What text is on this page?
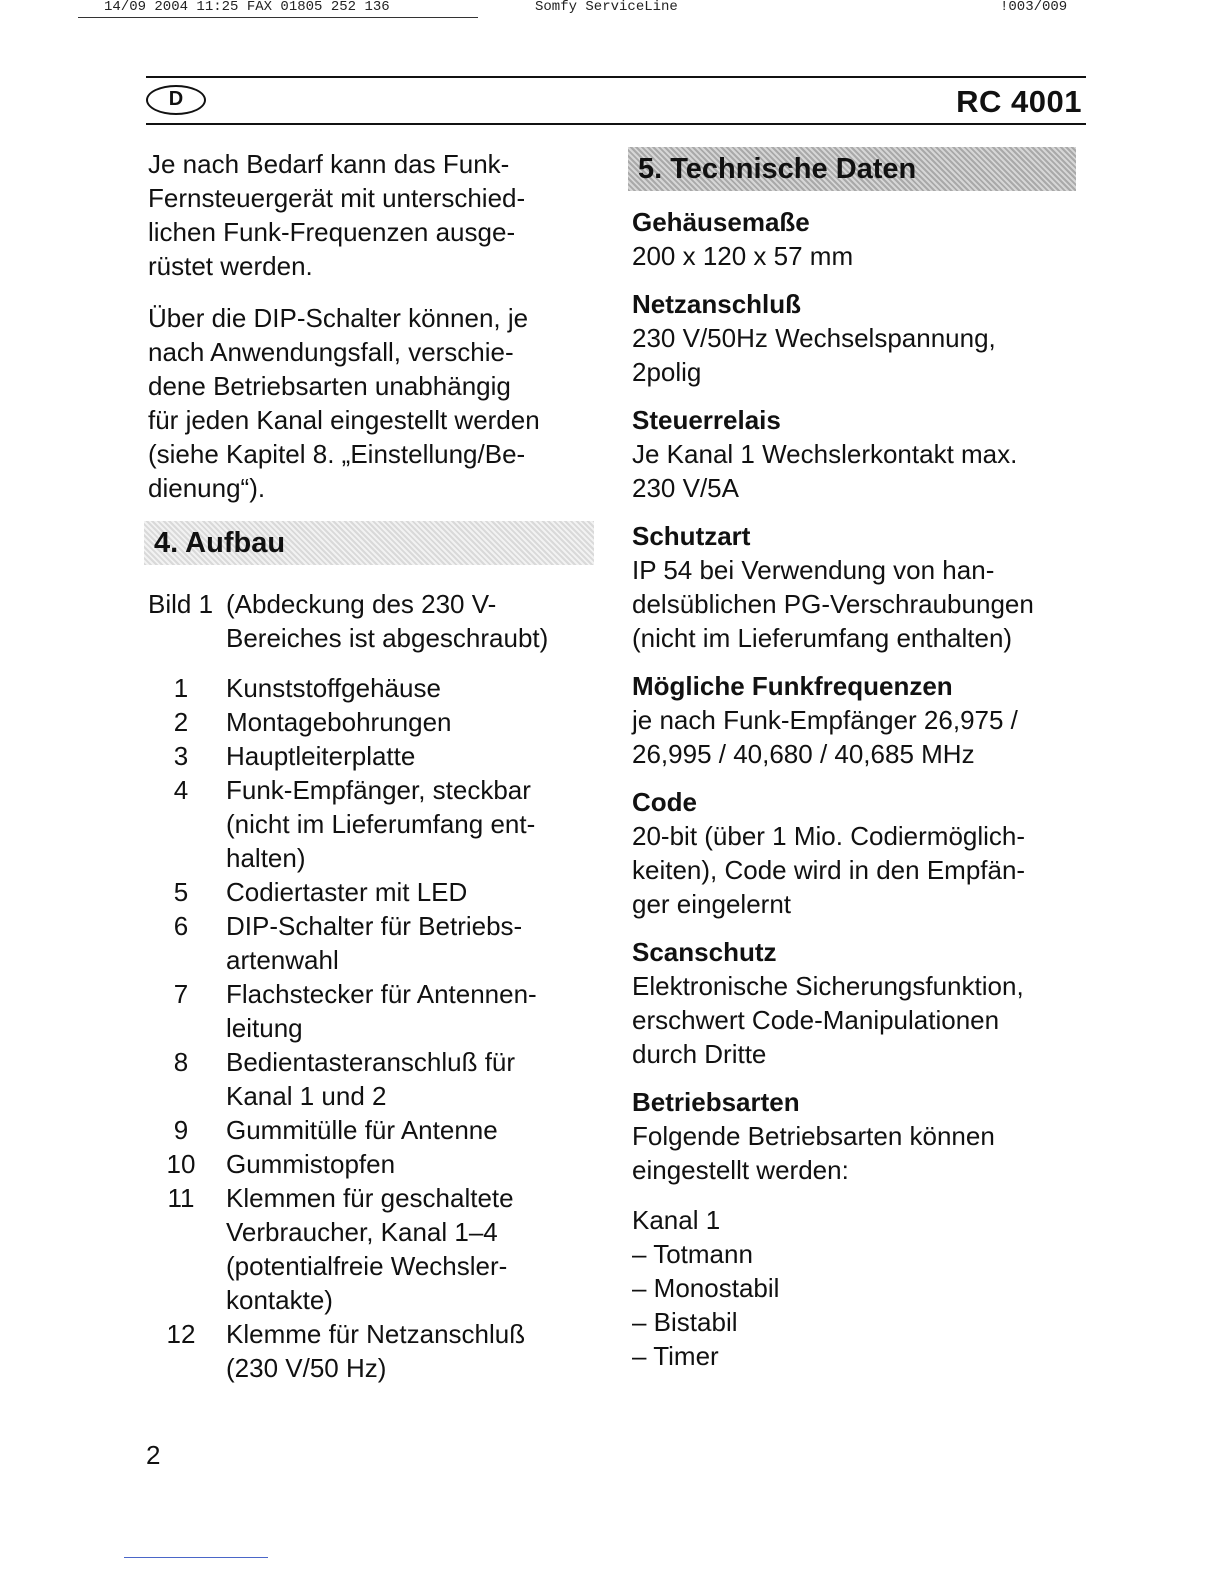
14/09 2004 11:25 FAX 01805 252 136	Somfy ServiceLine	ǃ003/009
D	RC 4001

Je nach Bedarf kann das Funk-
Fernsteuergerät mit unterschied-
lichen Funk-Frequenzen ausge-
rüstet werden.

Über die DIP-Schalter können, je
nach Anwendungsfall, verschie-
dene Betriebsarten unabhängig
für jeden Kanal eingestellt werden
(siehe Kapitel 8. „Einstellung/Be-
dienung“).

4. Aufbau
Bild 1 (Abdeckung des 230 V-
Bereiches ist abgeschraubt)
1	Kunststoffgehäuse
2	Montagebohrungen
3	Hauptleiterplatte
4	Funk-Empfänger, steckbar
(nicht im Lieferumfang ent-
halten)
5	Codiertaster mit LED
6	DIP-Schalter für Betriebs-
artenwahl
7	Flachstecker für Antennen-
leitung
8	Bedientasteranschluß für
Kanal 1 und 2
9	Gummitülle für Antenne
10	Gummistopfen
11	Klemmen für geschaltete
Verbraucher, Kanal 1–4
(potentialfreie Wechsler-
kontakte)
12	Klemme für Netzanschluß
(230 V/50 Hz)
5. Technische Daten
Gehäusemaße

200 x 120 x 57 mm

Netzanschluß

230 V/50Hz Wechselspannung,
2polig

Steuerrelais

Je Kanal 1 Wechslerkontakt max.
230 V/5A

Schutzart

IP 54 bei Verwendung von han-
delsüblichen PG-Verschraubungen
(nicht im Lieferumfang enthalten)

Mögliche Funkfrequenzen

je nach Funk-Empfänger 26,975 /
26,995 / 40,680 / 40,685 MHz

Code

20-bit (über 1 Mio. Codiermöglich-
keiten), Code wird in den Empfän-
ger eingelernt

Scanschutz

Elektronische Sicherungsfunktion,
erschwert Code-Manipulationen
durch Dritte

Betriebsarten

Folgende Betriebsarten können
eingestellt werden:

Kanal 1
– Totmann
– Monostabil
– Bistabil
– Timer
2
